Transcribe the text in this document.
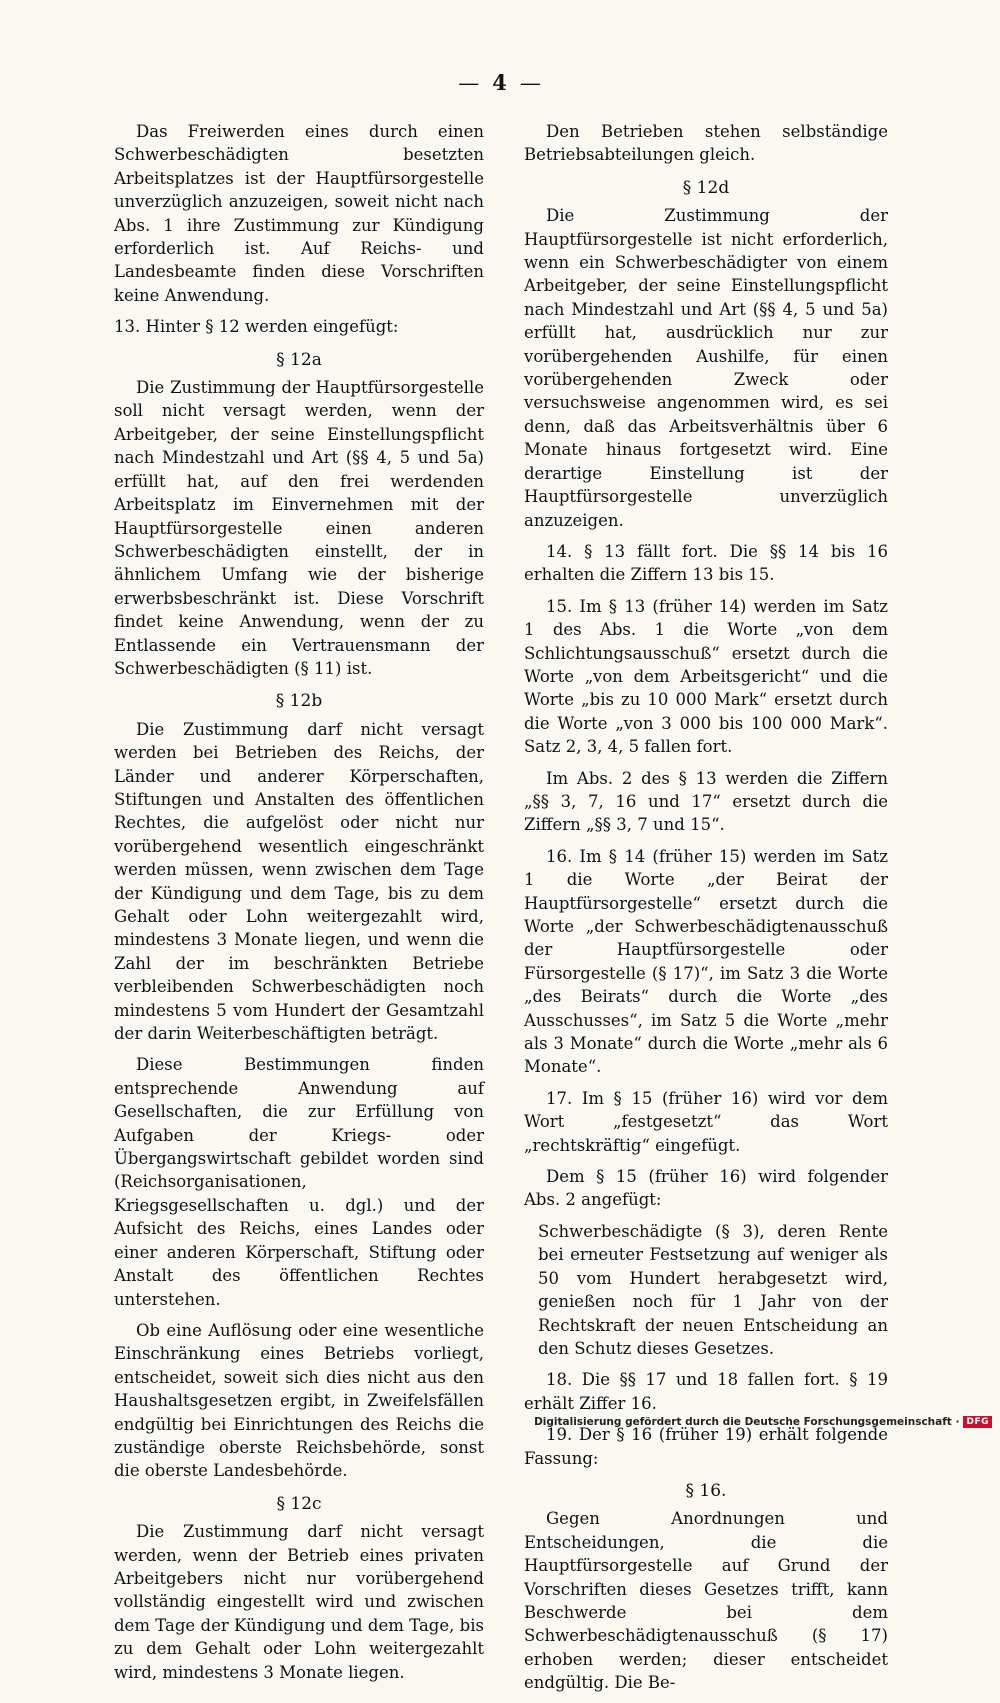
— 4 —

Das Freiwerden eines durch einen Schwerbeschädigten besetzten Arbeitsplatzes ist der Hauptfürsorgestelle unverzüglich anzuzeigen, soweit nicht nach Abs. 1 ihre Zustimmung zur Kündigung erforderlich ist. Auf Reichs- und Landesbeamte finden diese Vorschriften keine Anwendung.

13. Hinter § 12 werden eingefügt:

§ 12a

Die Zustimmung der Hauptfürsorgestelle soll nicht versagt werden, wenn der Arbeitgeber, der seine Einstellungspflicht nach Mindestzahl und Art (§§ 4, 5 und 5a) erfüllt hat, auf den frei werdenden Arbeitsplatz im Einvernehmen mit der Hauptfürsorgestelle einen anderen Schwerbeschädigten einstellt, der in ähnlichem Umfang wie der bisherige erwerbsbeschränkt ist. Diese Vorschrift findet keine Anwendung, wenn der zu Entlassende ein Vertrauensmann der Schwerbeschädigten (§ 11) ist.

§ 12b

Die Zustimmung darf nicht versagt werden bei Betrieben des Reichs, der Länder und anderer Körperschaften, Stiftungen und Anstalten des öffentlichen Rechtes, die aufgelöst oder nicht nur vorübergehend wesentlich eingeschränkt werden müssen, wenn zwischen dem Tage der Kündigung und dem Tage, bis zu dem Gehalt oder Lohn weitergezahlt wird, mindestens 3 Monate liegen, und wenn die Zahl der im beschränkten Betriebe verbleibenden Schwerbeschädigten noch mindestens 5 vom Hundert der Gesamtzahl der darin Weiterbeschäftigten beträgt.

Diese Bestimmungen finden entsprechende Anwendung auf Gesellschaften, die zur Erfüllung von Aufgaben der Kriegs- oder Übergangswirtschaft gebildet worden sind (Reichsorganisationen, Kriegsgesellschaften u. dgl.) und der Aufsicht des Reichs, eines Landes oder einer anderen Körperschaft, Stiftung oder Anstalt des öffentlichen Rechtes unterstehen.

Ob eine Auflösung oder eine wesentliche Einschränkung eines Betriebs vorliegt, entscheidet, soweit sich dies nicht aus den Haushaltsgesetzen ergibt, in Zweifelsfällen endgültig bei Einrichtungen des Reichs die zuständige oberste Reichsbehörde, sonst die oberste Landesbehörde.

§ 12c

Die Zustimmung darf nicht versagt werden, wenn der Betrieb eines privaten Arbeitgebers nicht nur vorübergehend vollständig eingestellt wird und zwischen dem Tage der Kündigung und dem Tage, bis zu dem Gehalt oder Lohn weitergezahlt wird, mindestens 3 Monate liegen.

Den Betrieben stehen selbständige Betriebsabteilungen gleich.

§ 12d

Die Zustimmung der Hauptfürsorgestelle ist nicht erforderlich, wenn ein Schwerbeschädigter von einem Arbeitgeber, der seine Einstellungspflicht nach Mindestzahl und Art (§§ 4, 5 und 5a) erfüllt hat, ausdrücklich nur zur vorübergehenden Aushilfe, für einen vorübergehenden Zweck oder versuchsweise angenommen wird, es sei denn, daß das Arbeitsverhältnis über 6 Monate hinaus fortgesetzt wird. Eine derartige Einstellung ist der Hauptfürsorgestelle unverzüglich anzuzeigen.

14. § 13 fällt fort. Die §§ 14 bis 16 erhalten die Ziffern 13 bis 15.

15. Im § 13 (früher 14) werden im Satz 1 des Abs. 1 die Worte „von dem Schlichtungsausschuß“ ersetzt durch die Worte „von dem Arbeitsgericht“ und die Worte „bis zu 10 000 Mark“ ersetzt durch die Worte „von 3 000 bis 100 000 Mark“. Satz 2, 3, 4, 5 fallen fort.

Im Abs. 2 des § 13 werden die Ziffern „§§ 3, 7, 16 und 17“ ersetzt durch die Ziffern „§§ 3, 7 und 15“.

16. Im § 14 (früher 15) werden im Satz 1 die Worte „der Beirat der Hauptfürsorgestelle“ ersetzt durch die Worte „der Schwerbeschädigtenausschuß der Hauptfürsorgestelle oder Fürsorgestelle (§ 17)“, im Satz 3 die Worte „des Beirats“ durch die Worte „des Ausschusses“, im Satz 5 die Worte „mehr als 3 Monate“ durch die Worte „mehr als 6 Monate“.

17. Im § 15 (früher 16) wird vor dem Wort „festgesetzt“ das Wort „rechtskräftig“ eingefügt.

Dem § 15 (früher 16) wird folgender Abs. 2 angefügt:

Schwerbeschädigte (§ 3), deren Rente bei erneuter Festsetzung auf weniger als 50 vom Hundert herabgesetzt wird, genießen noch für 1 Jahr von der Rechtskraft der neuen Entscheidung an den Schutz dieses Gesetzes.

18. Die §§ 17 und 18 fallen fort. § 19 erhält Ziffer 16.

19. Der § 16 (früher 19) erhält folgende Fassung:

§ 16.

Gegen Anordnungen und Entscheidungen, die die Hauptfürsorgestelle auf Grund der Vorschriften dieses Gesetzes trifft, kann Beschwerde bei dem Schwerbeschädigtenausschuß (§ 17) erhoben werden; dieser entscheidet endgültig. Die Be-

Digitalisierung gefördert durch die Deutsche Forschungsgemeinschaft · DFG
